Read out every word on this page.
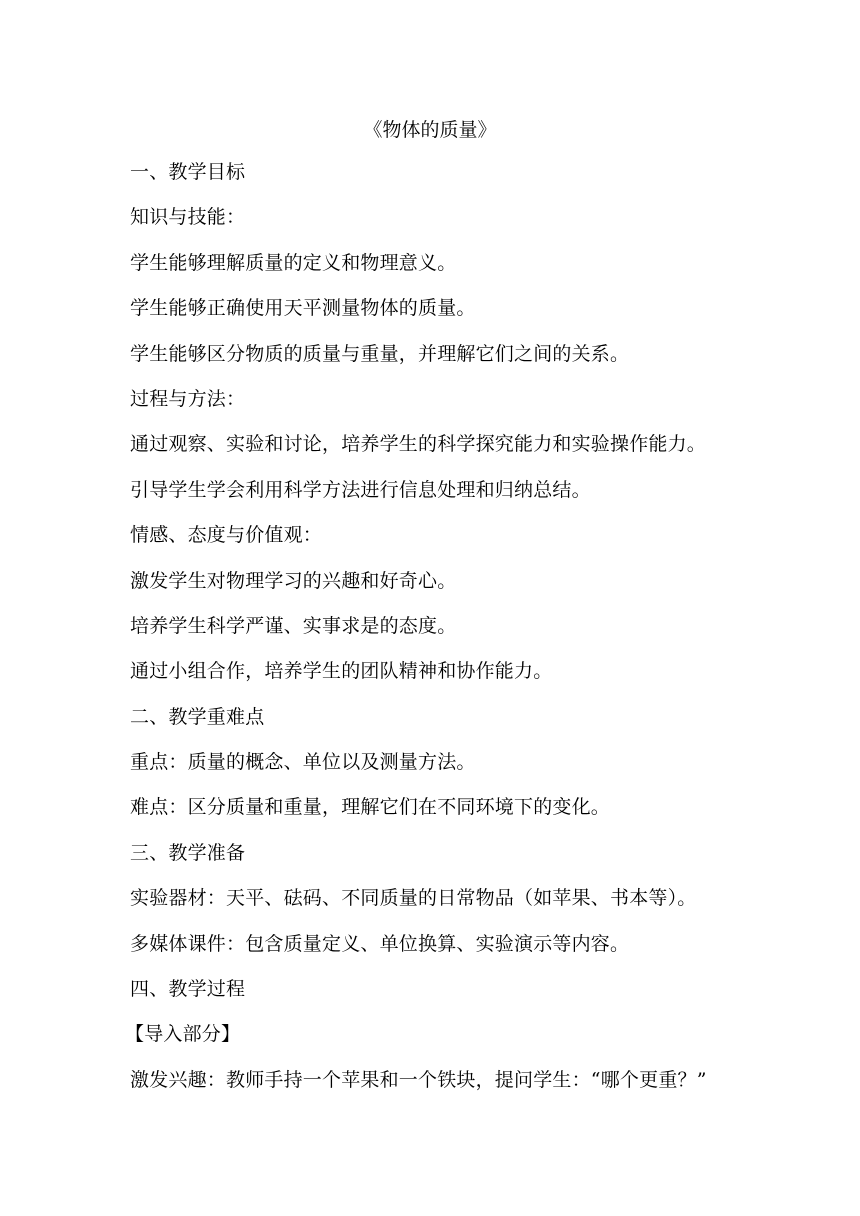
《物体的质量》
一、教学目标
知识与技能：
学生能够理解质量的定义和物理意义。
学生能够正确使用天平测量物体的质量。
学生能够区分物质的质量与重量，并理解它们之间的关系。
过程与方法：
通过观察、实验和讨论，培养学生的科学探究能力和实验操作能力。
引导学生学会利用科学方法进行信息处理和归纳总结。
情感、态度与价值观：
激发学生对物理学习的兴趣和好奇心。
培养学生科学严谨、实事求是的态度。
通过小组合作，培养学生的团队精神和协作能力。
二、教学重难点
重点：质量的概念、单位以及测量方法。
难点：区分质量和重量，理解它们在不同环境下的变化。
三、教学准备
实验器材：天平、砝码、不同质量的日常物品（如苹果、书本等）。
多媒体课件：包含质量定义、单位换算、实验演示等内容。
四、教学过程
【导入部分】
激发兴趣：教师手持一个苹果和一个铁块，提问学生：“哪个更重？”
